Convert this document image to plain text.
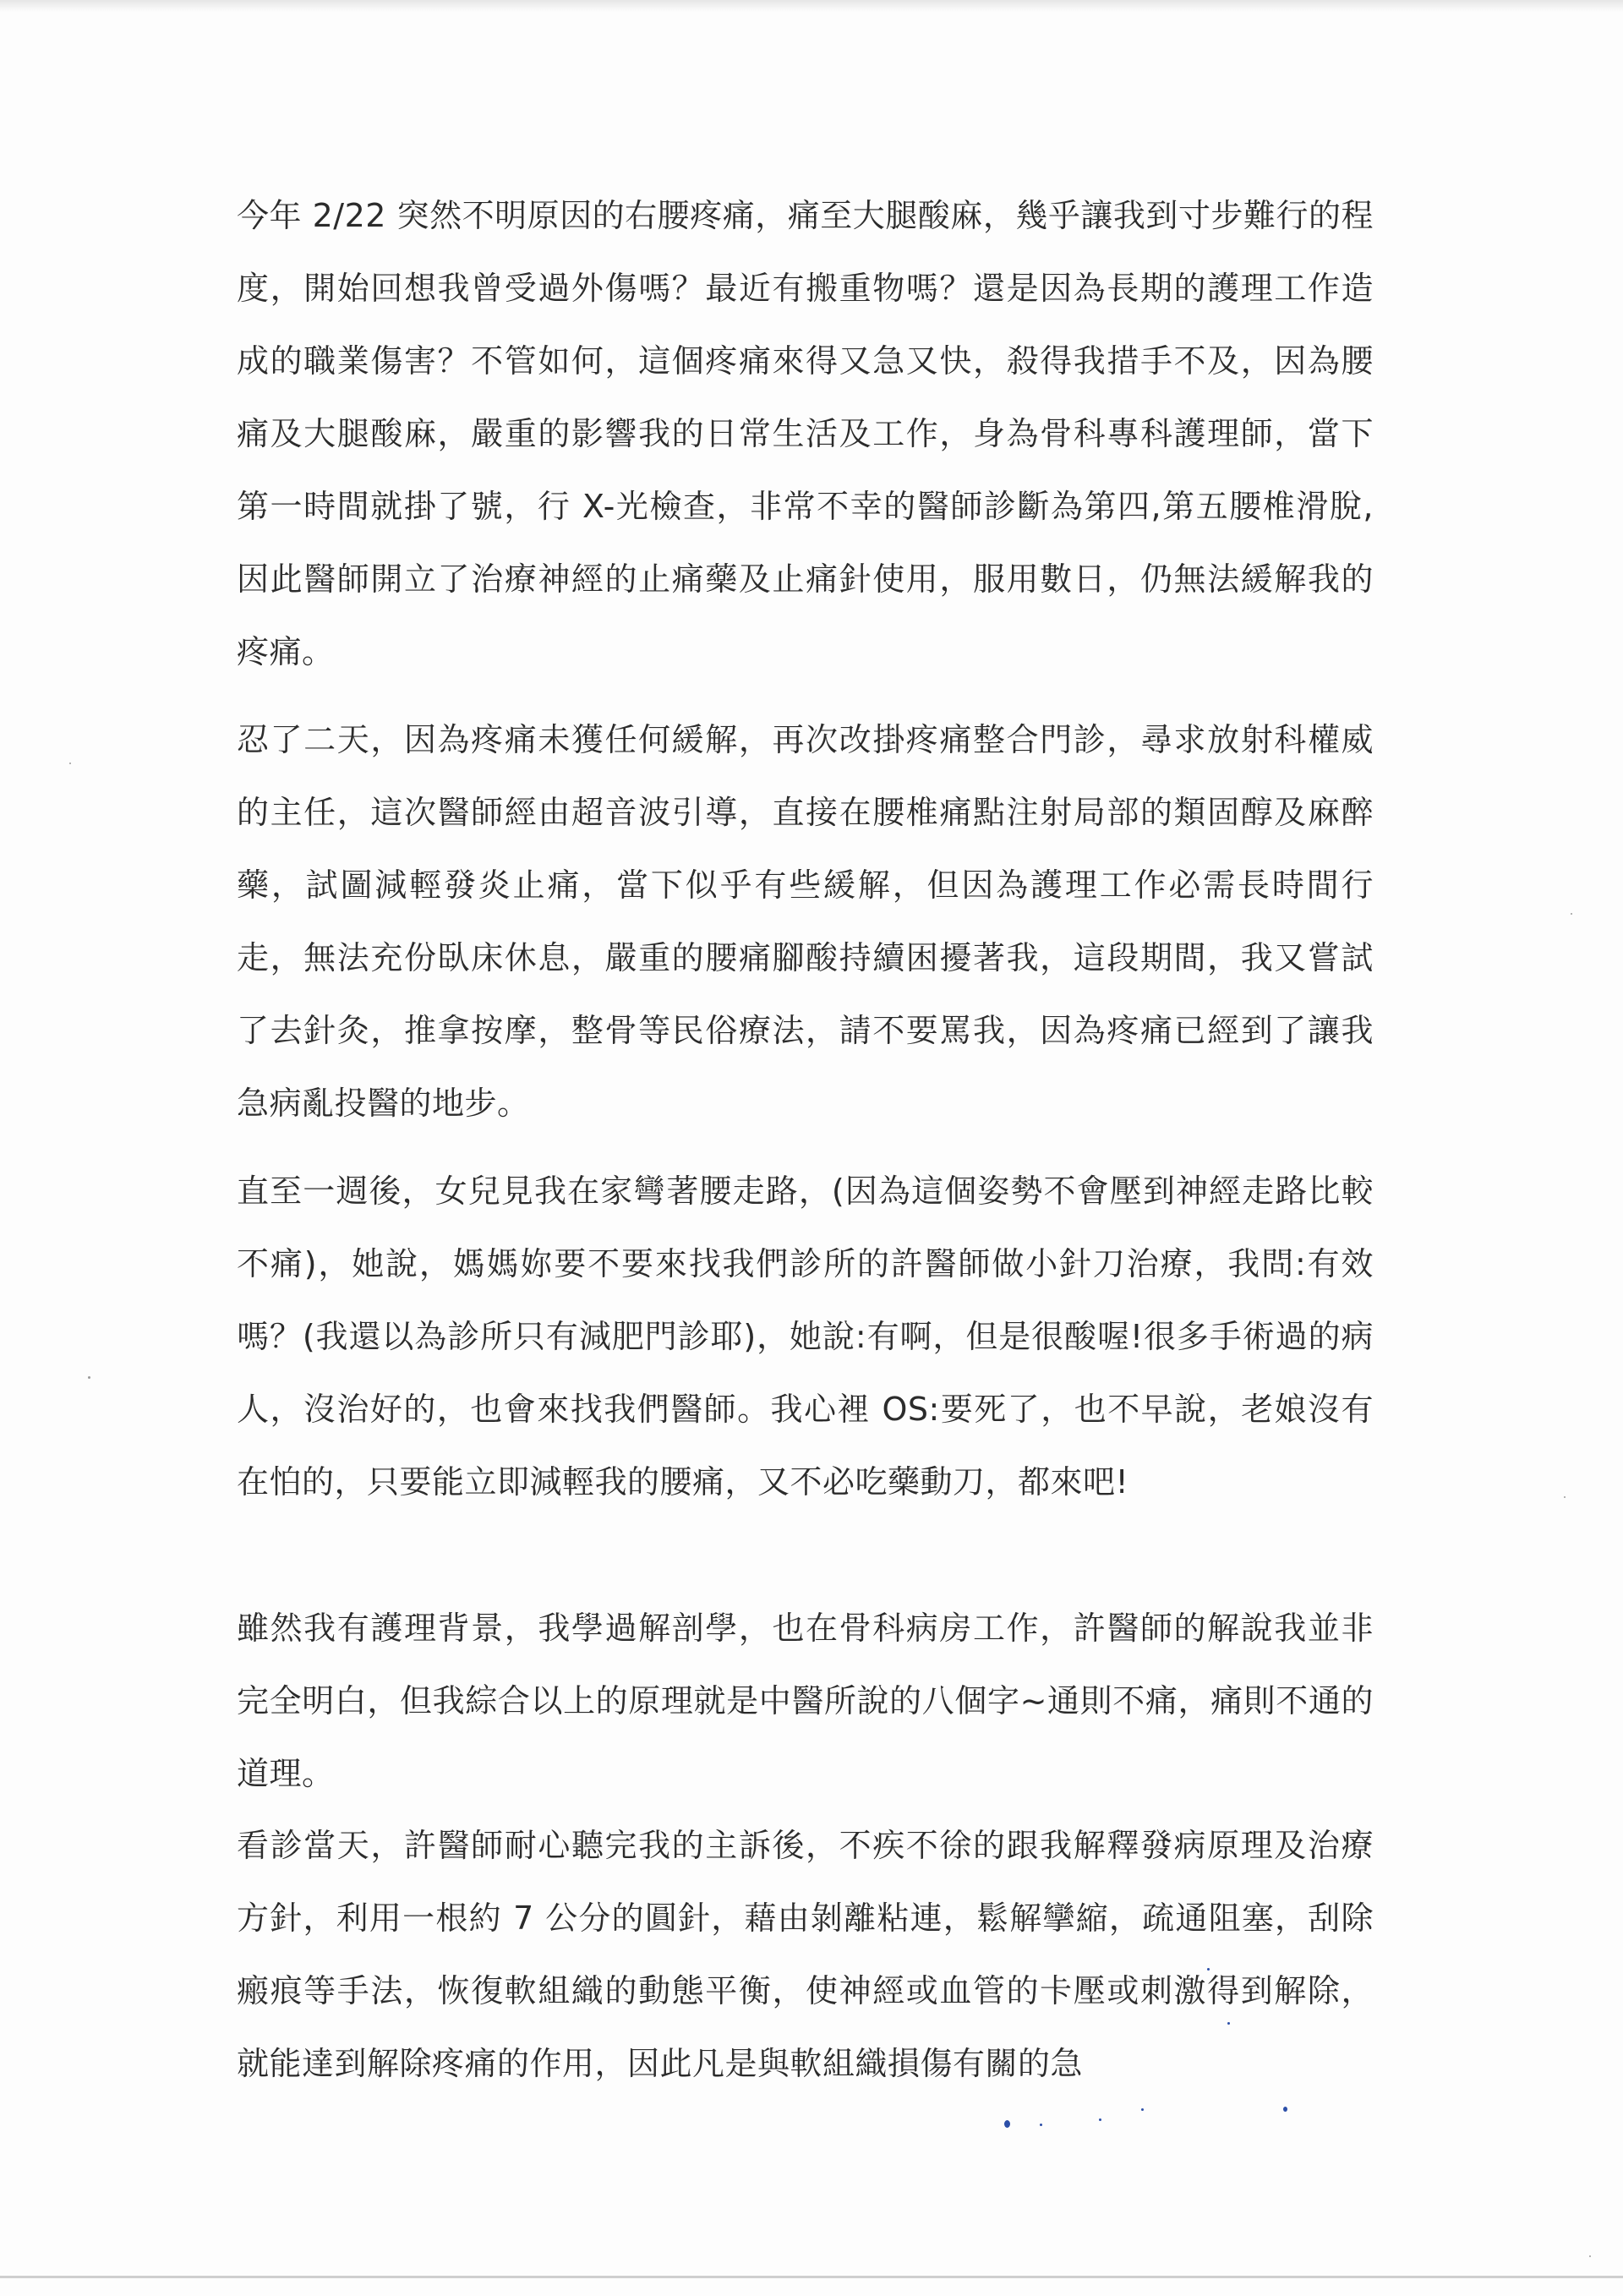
今年 2/22 突然不明原因的右腰疼痛，痛至大腿酸麻，幾乎讓我到寸步難行的程度，開始回想我曾受過外傷嗎？最近有搬重物嗎？還是因為長期的護理工作造成的職業傷害？不管如何，這個疼痛來得又急又快，殺得我措手不及，因為腰痛及大腿酸麻，嚴重的影響我的日常生活及工作，身為骨科專科護理師，當下第一時間就掛了號，行 X-光檢查，非常不幸的醫師診斷為第四,第五腰椎滑脫,因此醫師開立了治療神經的止痛藥及止痛針使用，服用數日，仍無法緩解我的疼痛。

忍了二天，因為疼痛未獲任何緩解，再次改掛疼痛整合門診，尋求放射科權威的主任，這次醫師經由超音波引導，直接在腰椎痛點注射局部的類固醇及麻醉藥，試圖減輕發炎止痛，當下似乎有些緩解，但因為護理工作必需長時間行走，無法充份臥床休息，嚴重的腰痛腳酸持續困擾著我，這段期間，我又嘗試了去針灸，推拿按摩，整骨等民俗療法，請不要罵我，因為疼痛已經到了讓我急病亂投醫的地步。

直至一週後，女兒見我在家彎著腰走路，(因為這個姿勢不會壓到神經走路比較不痛)，她說，媽媽妳要不要來找我們診所的許醫師做小針刀治療，我問:有效嗎？(我還以為診所只有減肥門診耶)，她說:有啊，但是很酸喔!很多手術過的病人，沒治好的，也會來找我們醫師。我心裡 OS:要死了，也不早說，老娘沒有在怕的，只要能立即減輕我的腰痛，又不必吃藥動刀，都來吧!

雖然我有護理背景，我學過解剖學，也在骨科病房工作，許醫師的解說我並非完全明白，但我綜合以上的原理就是中醫所說的八個字~通則不痛，痛則不通的道理。

看診當天，許醫師耐心聽完我的主訴後，不疾不徐的跟我解釋發病原理及治療方針，利用一根約 7 公分的圓針，藉由剝離粘連，鬆解攣縮，疏通阻塞，刮除瘢痕等手法，恢復軟組織的動態平衡，使神經或血管的卡壓或刺激得到解除，就能達到解除疼痛的作用，因此凡是與軟組織損傷有關的急
